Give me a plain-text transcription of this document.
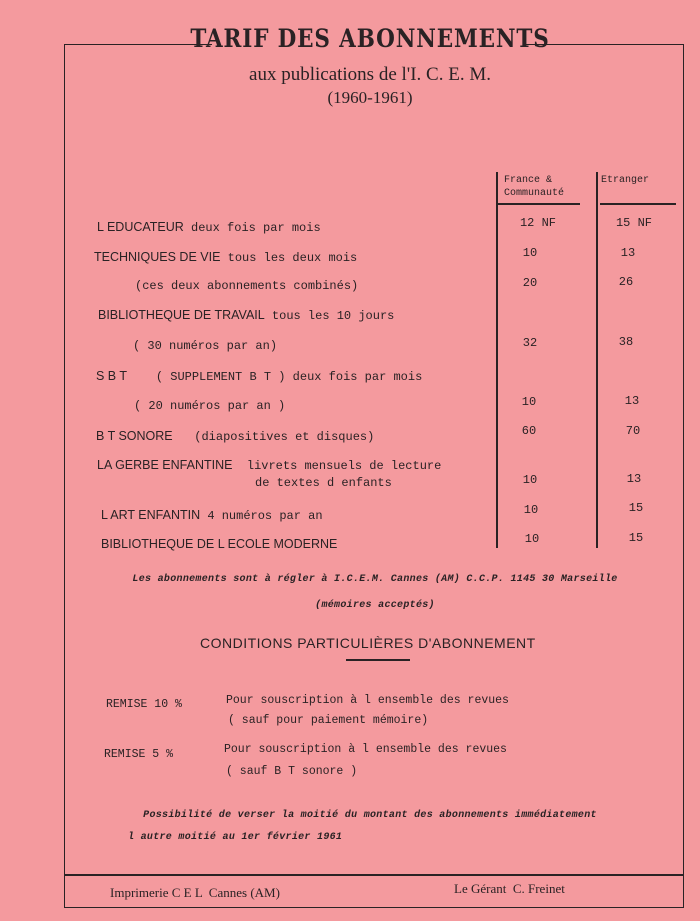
TARIF DES ABONNEMENTS
aux publications de l'I. C. E. M.
(1960-1961)
France &
Communauté
Etranger
L EDUCATEUR deux fois par mois	12 NF	15 NF
TECHNIQUES DE VIE tous les deux mois	10	13
(ces deux abonnements combinés)	20	26
BIBLIOTHEQUE DE TRAVAIL tous les 10 jours
( 30 numéros par an)	32	38
S B T ( SUPPLEMENT B T ) deux fois par mois
( 20 numéros par an )	10	13
B T SONORE (diapositives et disques)	60	70
LA GERBE ENFANTINE livrets mensuels de lecture
de textes d enfants	10	13
L ART ENFANTIN 4 numéros par an	10	15
BIBLIOTHEQUE DE L ECOLE MODERNE	10	15
Les abonnements sont à régler à I.C.E.M. Cannes (AM) C.C.P. 1145 30 Marseille
(mémoires acceptés)
CONDITIONS PARTICULIÈRES D'ABONNEMENT
REMISE 10 %	Pour souscription à l ensemble des revues
( sauf pour paiement mémoire)
REMISE 5 %	Pour souscription à l ensemble des revues
( sauf B T sonore )
Possibilité de verser la moitié du montant des abonnements immédiatement
l autre moitié au 1er février 1961
Imprimerie C E L  Cannes (AM)	Le Gérant  C. Freinet
